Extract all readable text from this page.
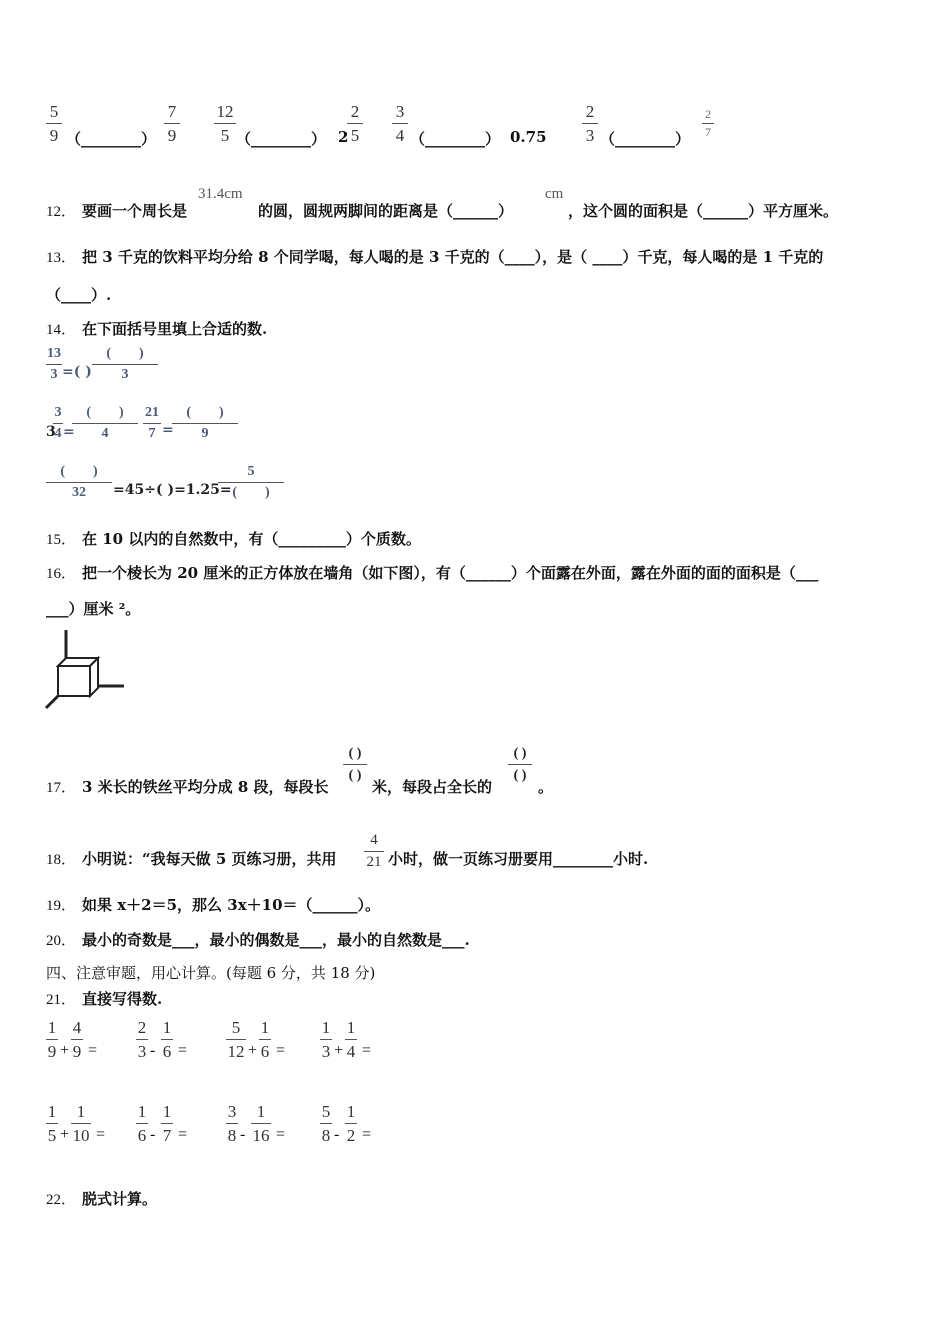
5
9 （________）
7
9
12
5 （________） 2
2
5
3
4 （________） 0.75
2
3 （________）
2
7
12． 要画一个周长是
31.4cm
的圆，圆规两脚间的距离是（______）
cm
，这个圆的面积是（______）平方厘米。
13． 把 3 千克的饮料平均分给 8 个同学喝，每人喝的是 3 千克的（____），是（ ____）千克，每人喝的是 1 千克的
（____）.
14． 在下面括号里填上合适的数.
13
3 =( )
(　　)
3
3
3
4 =
(　　)
4
21
7 =
(　　)
9
(　　)
32	=45÷( )=1.25=
5
(　　)
15． 在 10 以内的自然数中，有（_________）个质数。
16． 把一个棱长为 20 厘米的正方体放在墙角（如下图），有（______）个面露在外面，露在外面的面的面积是（___
___）厘米 ²。
17． 3 米长的铁丝平均分成 8 段，每段长
( )
( )
米，每段占全长的
( )
( )
。
18． 小明说：“我每天做 5 页练习册，共用
4
21 小时，做一页练习册要用________小时.
19． 如果 x＋2＝5，那么 3x＋10＝（______）。
20． 最小的奇数是___，最小的偶数是___，最小的自然数是___.
四、注意审题，用心计算。(每题 6 分，共 18 分)
21． 直接写得数.
1
9 +
4
9 =
2
3 -
1
6 =
5
12 +
1
6 =
1
3 +
1
4 =
1
5 +
1
10 =
1
6 -
1
7 =
3
8 -
1
16 =
5
8 -
1
2 =
22． 脱式计算。
